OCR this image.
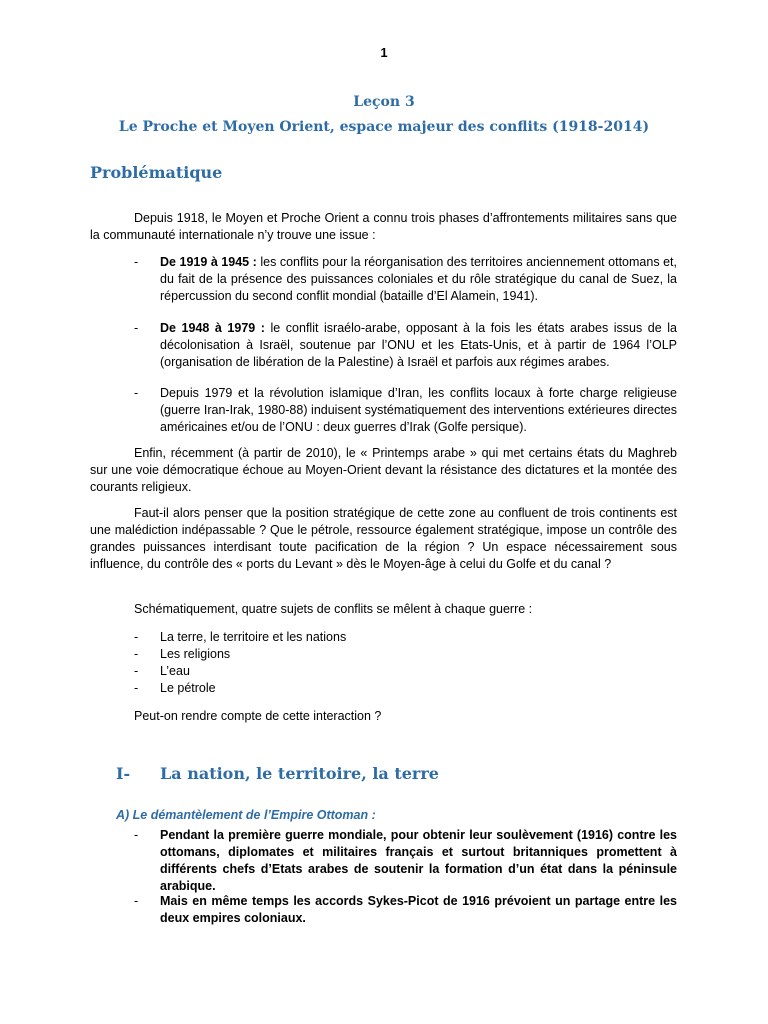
1
Leçon 3
Le Proche et Moyen Orient, espace majeur des conflits (1918-2014)
Problématique
Depuis 1918, le Moyen et Proche Orient a connu trois phases d’affrontements militaires sans que la communauté internationale n’y trouve une issue :
- De 1919 à 1945 : les conflits pour la réorganisation des territoires anciennement ottomans et, du fait de la présence des puissances coloniales et du rôle stratégique du canal de Suez, la répercussion du second conflit mondial (bataille d’El Alamein, 1941).
- De 1948 à 1979 : le conflit israélo-arabe, opposant à la fois les états arabes issus de la décolonisation à Israël, soutenue par l’ONU et les Etats-Unis, et à partir de 1964 l’OLP (organisation de libération de la Palestine) à Israël et parfois aux régimes arabes.
- Depuis 1979 et la révolution islamique d’Iran, les conflits locaux à forte charge religieuse (guerre Iran-Irak, 1980-88) induisent systématiquement des interventions extérieures directes américaines et/ou de l’ONU : deux guerres d’Irak (Golfe persique).
Enfin, récemment (à partir de 2010), le « Printemps arabe » qui met certains états du Maghreb sur une voie démocratique échoue au Moyen-Orient devant la résistance des dictatures et la montée des courants religieux.
Faut-il alors penser que la position stratégique de cette zone au confluent de trois continents est une malédiction indépassable ? Que le pétrole, ressource également stratégique, impose un contrôle des grandes puissances interdisant toute pacification de la région ? Un espace nécessairement sous influence, du contrôle des « ports du Levant » dès le Moyen-âge à celui du Golfe et du canal ?
Schématiquement, quatre sujets de conflits se mêlent à chaque guerre :
- La terre, le territoire et les nations
- Les religions
- L’eau
- Le pétrole
Peut-on rendre compte de cette interaction ?
I- La nation, le territoire, la terre
A) Le démantèlement de l’Empire Ottoman :
- Pendant la première guerre mondiale, pour obtenir leur soulèvement (1916) contre les ottomans, diplomates et militaires français et surtout britanniques promettent à différents chefs d’Etats arabes de soutenir la formation d’un état dans la péninsule arabique.
- Mais en même temps les accords Sykes-Picot de 1916 prévoient un partage entre les deux empires coloniaux.
